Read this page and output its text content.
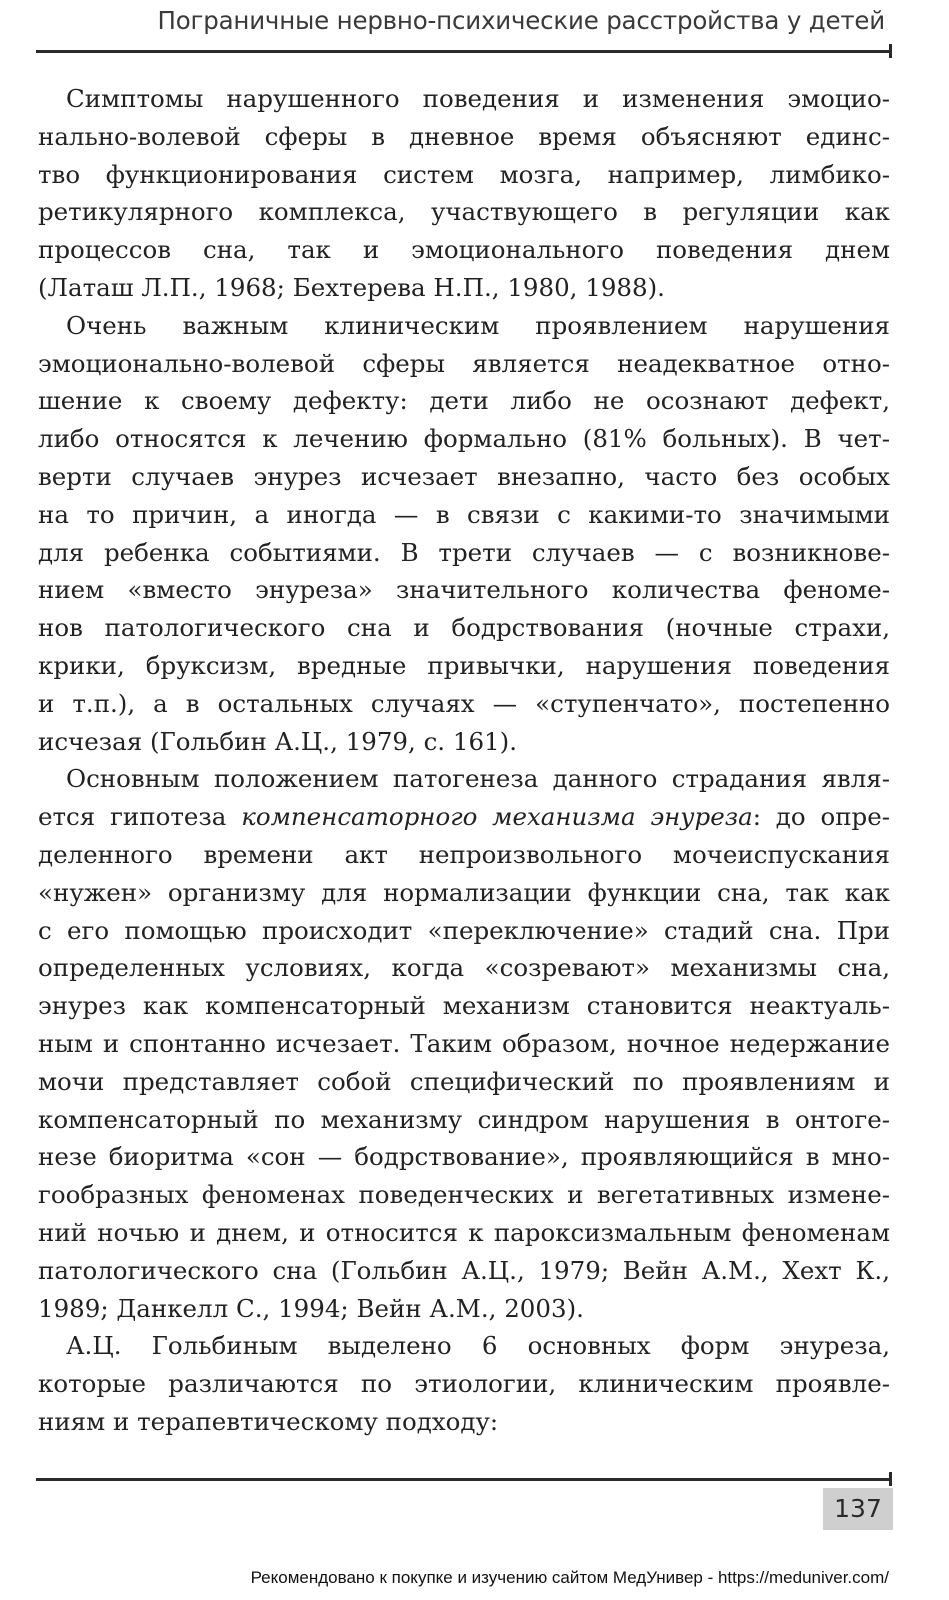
Пограничные нервно-психические расстройства у детей
Симптомы нарушенного поведения и изменения эмоцио-
нально-волевой сферы в дневное время объясняют единс-
тво функционирования систем мозга, например, лимбико-
ретикулярного комплекса, участвующего в регуляции как
процессов сна, так и эмоционального поведения днем
(Латаш Л.П., 1968; Бехтерева Н.П., 1980, 1988).
Очень важным клиническим проявлением нарушения
эмоционально-волевой сферы является неадекватное отно-
шение к своему дефекту: дети либо не осознают дефект,
либо относятся к лечению формально (81% больных). В чет-
верти случаев энурез исчезает внезапно, часто без особых
на то причин, а иногда — в связи с какими-то значимыми
для ребенка событиями. В трети случаев — с возникнове-
нием «вместо энуреза» значительного количества феноме-
нов патологического сна и бодрствования (ночные страхи,
крики, бруксизм, вредные привычки, нарушения поведения
и т.п.), а в остальных случаях — «ступенчато», постепенно
исчезая (Гольбин А.Ц., 1979, с. 161).
Основным положением патогенеза данного страдания явля-
ется гипотеза компенсаторного механизма энуреза: до опре-
деленного времени акт непроизвольного мочеиспускания
«нужен» организму для нормализации функции сна, так как
с его помощью происходит «переключение» стадий сна. При
определенных условиях, когда «созревают» механизмы сна,
энурез как компенсаторный механизм становится неактуаль-
ным и спонтанно исчезает. Таким образом, ночное недержание
мочи представляет собой специфический по проявлениям и
компенсаторный по механизму синдром нарушения в онтоге-
незе биоритма «сон — бодрствование», проявляющийся в мно-
гообразных феноменах поведенческих и вегетативных измене-
ний ночью и днем, и относится к пароксизмальным феноменам
патологического сна (Гольбин А.Ц., 1979; Вейн А.М., Хехт К.,
1989; Данкелл С., 1994; Вейн А.М., 2003).
А.Ц. Гольбиным выделено 6 основных форм энуреза,
которые различаются по этиологии, клиническим проявле-
ниям и терапевтическому подходу:
137
Рекомендовано к покупке и изучению сайтом МедУнивер - https://meduniver.com/
